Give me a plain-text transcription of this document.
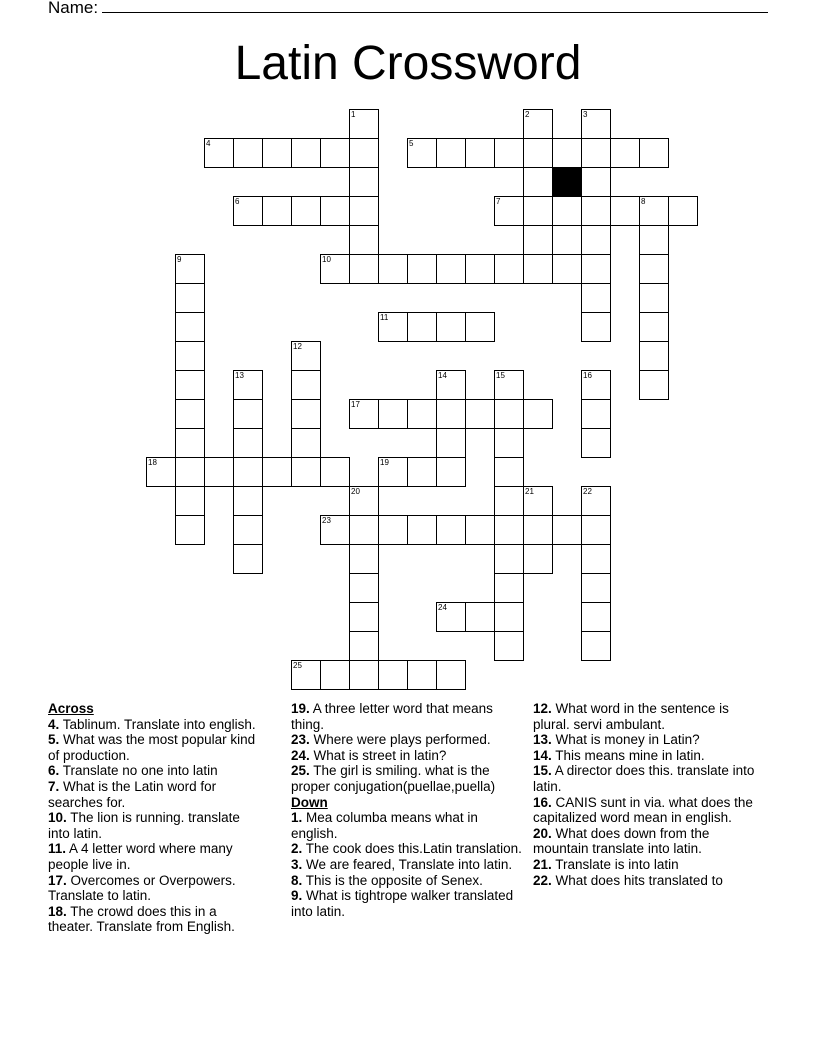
Name:
Latin Crossword
4	5
6	7	8
10
11
17
18	19
23
24
25
1	2	3
9
12
13	14	15	16
20	21	22
Across
4. Tablinum. Translate into english.
5. What was the most popular kind of production.
6. Translate no one into latin
7. What is the Latin word for searches for.
10. The lion is running. translate into latin.
11. A 4 letter word where many people live in.
17. Overcomes or Overpowers. Translate to latin.
18. The crowd does this in a theater. Translate from English.
19. A three letter word that means thing.
23. Where were plays performed.
24. What is street in latin?
25. The girl is smiling. what is the proper conjugation(puellae,puella)
Down
1. Mea columba means what in english.
2. The cook does this.Latin translation.
3. We are feared, Translate into latin.
8. This is the opposite of Senex.
9. What is tightrope walker translated into latin.
12. What word in the sentence is plural. servi ambulant.
13. What is money in Latin?
14. This means mine in latin.
15. A director does this. translate into latin.
16. CANIS sunt in via. what does the capitalized word mean in english.
20. What does down from the mountain translate into latin.
21. Translate is into latin
22. What does hits translated to
